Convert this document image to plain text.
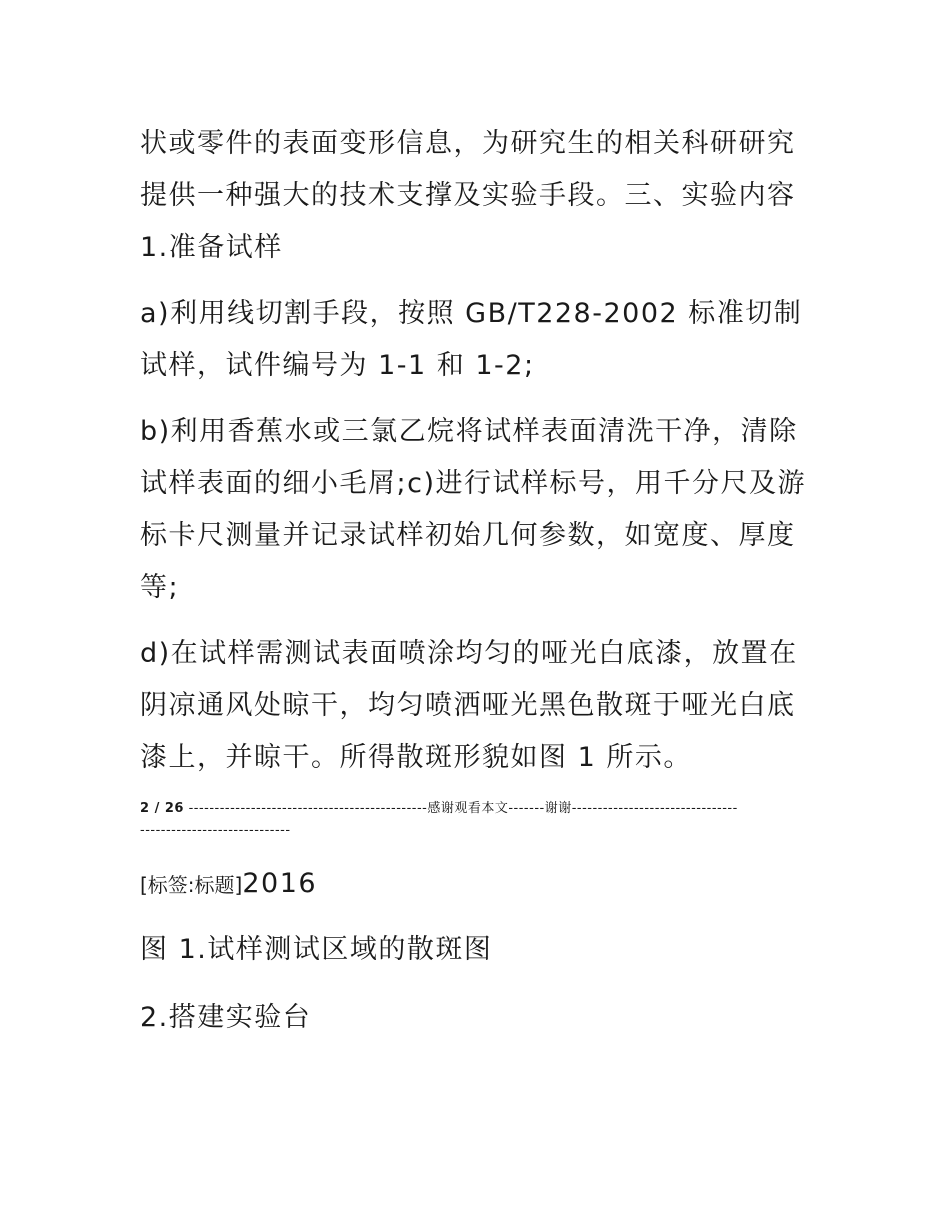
状或零件的表面变形信息，为研究生的相关科研研究提供一种强大的技术支撑及实验手段。三、实验内容 1.准备试样

a)利用线切割手段，按照 GB/T228-2002 标准切制试样，试件编号为 1-1 和 1-2;

b)利用香蕉水或三氯乙烷将试样表面清洗干净，清除试样表面的细小毛屑;c)进行试样标号，用千分尺及游标卡尺测量并记录试样初始几何参数，如宽度、厚度等;

d)在试样需测试表面喷涂均匀的哑光白底漆，放置在阴凉通风处晾干，均匀喷洒哑光黑色散斑于哑光白底漆上，并晾干。所得散斑形貌如图 1 所示。

2 / 26 ----------------------------------------------感谢观看本文-------谢谢-------------------------------------------------------------
[标签:标题]2016
图 1.试样测试区域的散斑图
2.搭建实验台
